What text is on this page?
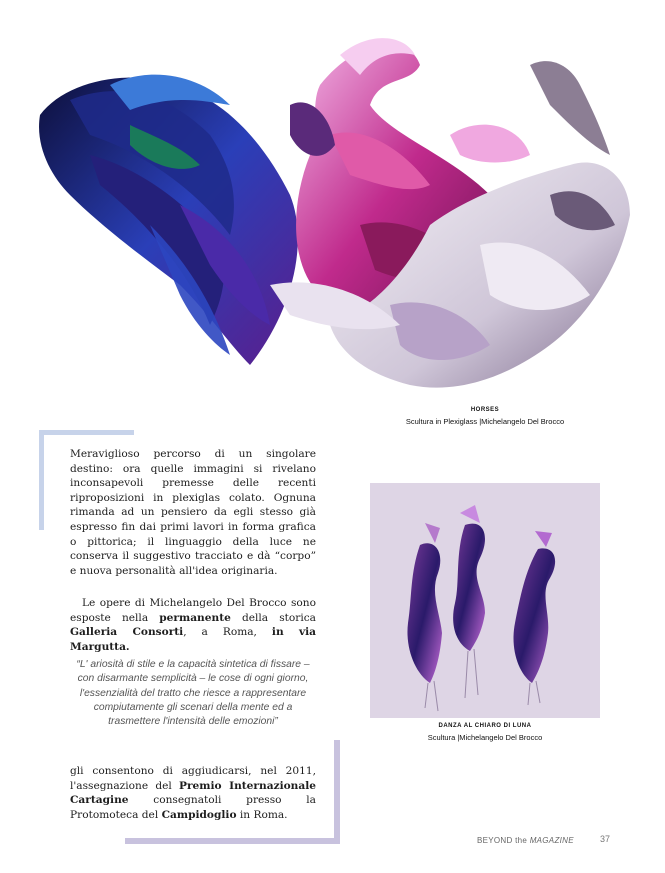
HORSES
Scultura in Plexiglass |Michelangelo Del Brocco

Meraviglioso percorso di un singolare destino: ora quelle immagini si rivelano inconsapevoli premesse delle recenti riproposizioni in plexiglas colato. Ognuna rimanda ad un pensiero da egli stesso già espresso fin dai primi lavori in forma grafica o pittorica; il linguaggio della luce ne conserva il suggestivo tracciato e dà “corpo” e nuova personalità all'idea originaria.

Le opere di Michelangelo Del Brocco sono esposte nella permanente della storica Galleria Consorti, a Roma, in via Margutta.

“L' ariosità di stile e la capacità sintetica di fissare – con disarmante semplicità – le cose di ogni giorno, l'essenzialità del tratto che riesce a rappresentare compiutamente gli scenari della mente ed a trasmettere l'intensità delle emozioni”

gli consentono di aggiudicarsi, nel 2011, l'assegnazione del Premio Internazionale Cartagine consegnatoli presso la Protomoteca del Campidoglio in Roma.

DANZA AL CHIARO DI LUNA
Scultura |Michelangelo Del Brocco
BEYOND the MAGAZINE	37
